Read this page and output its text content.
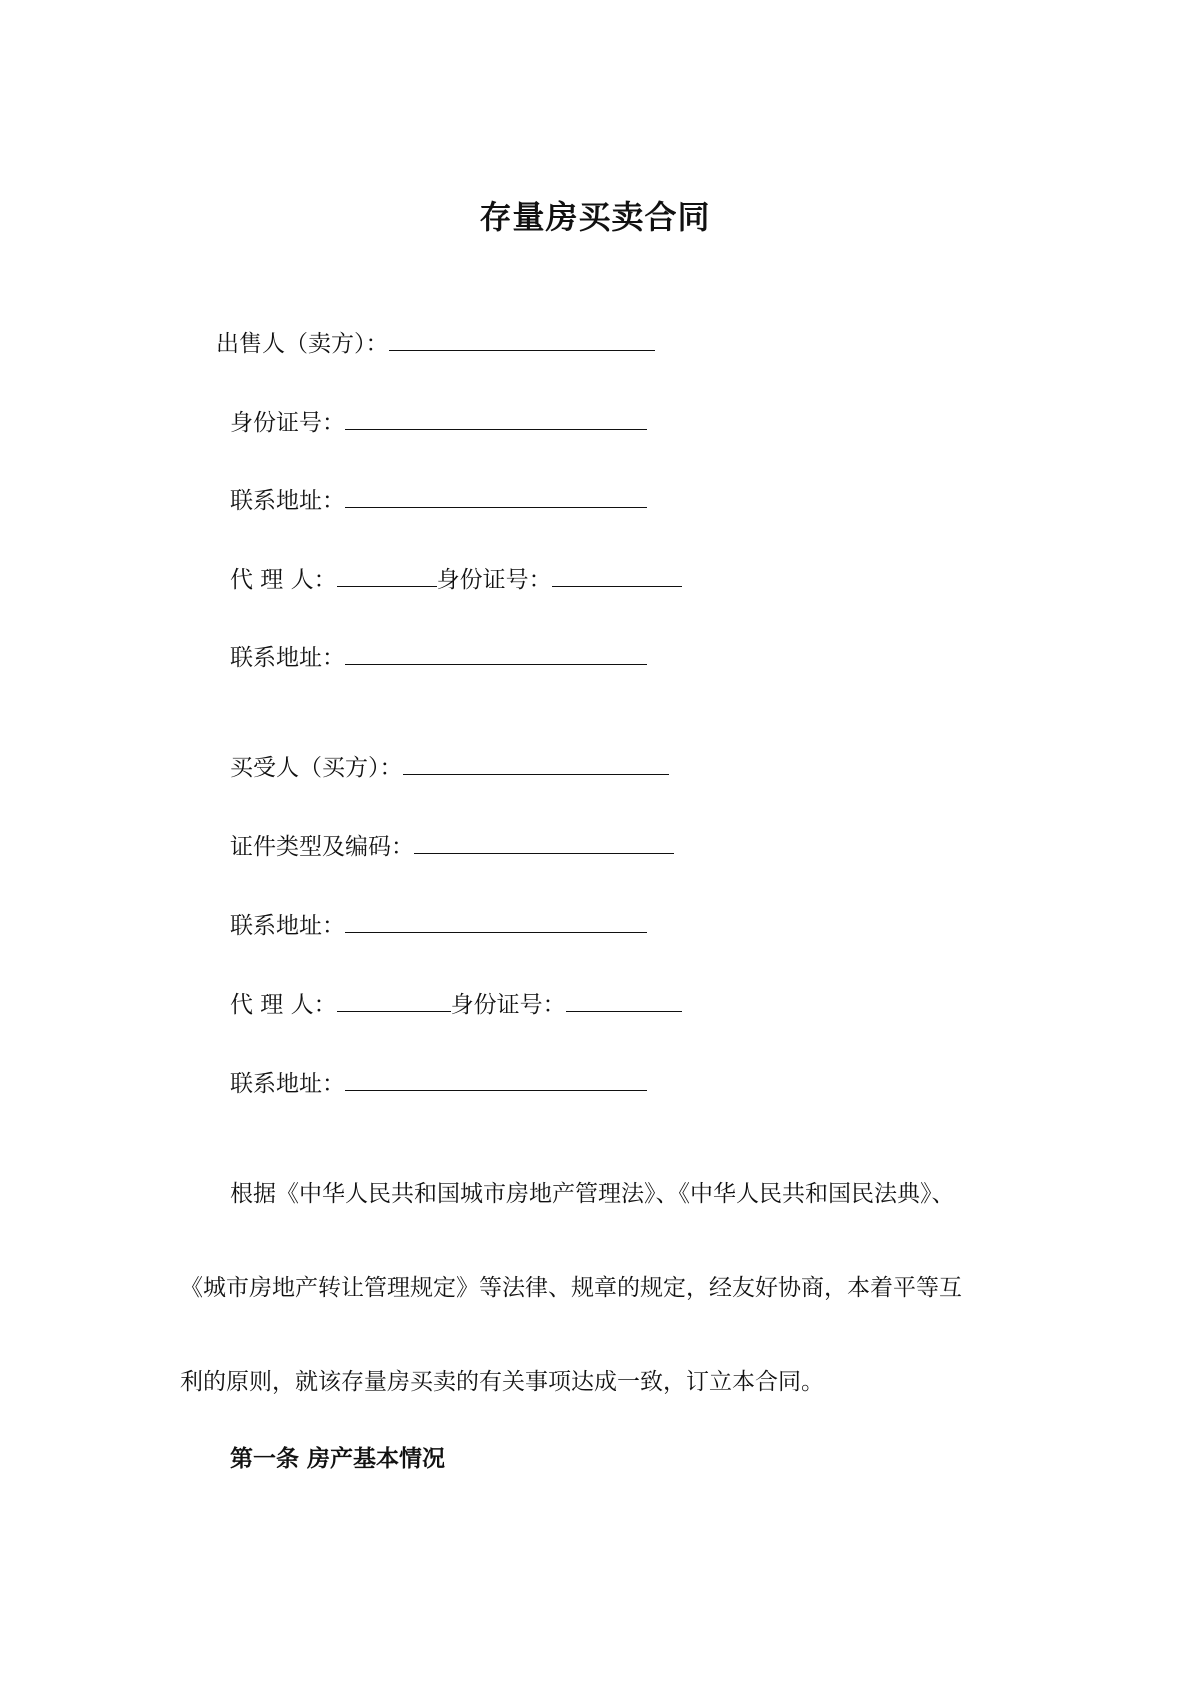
存量房买卖合同
出售人（卖方）：
身份证号：
联系地址：
代 理 人：	身份证号：
联系地址：
买受人（买方）：
证件类型及编码：
联系地址：
代 理 人：	身份证号：
联系地址：
根据《中华人民共和国城市房地产管理法》、《中华人民共和国民法典》、
《城市房地产转让管理规定》等法律、规章的规定，经友好协商，本着平等互
利的原则，就该存量房买卖的有关事项达成一致，订立本合同。
第一条 房产基本情况
